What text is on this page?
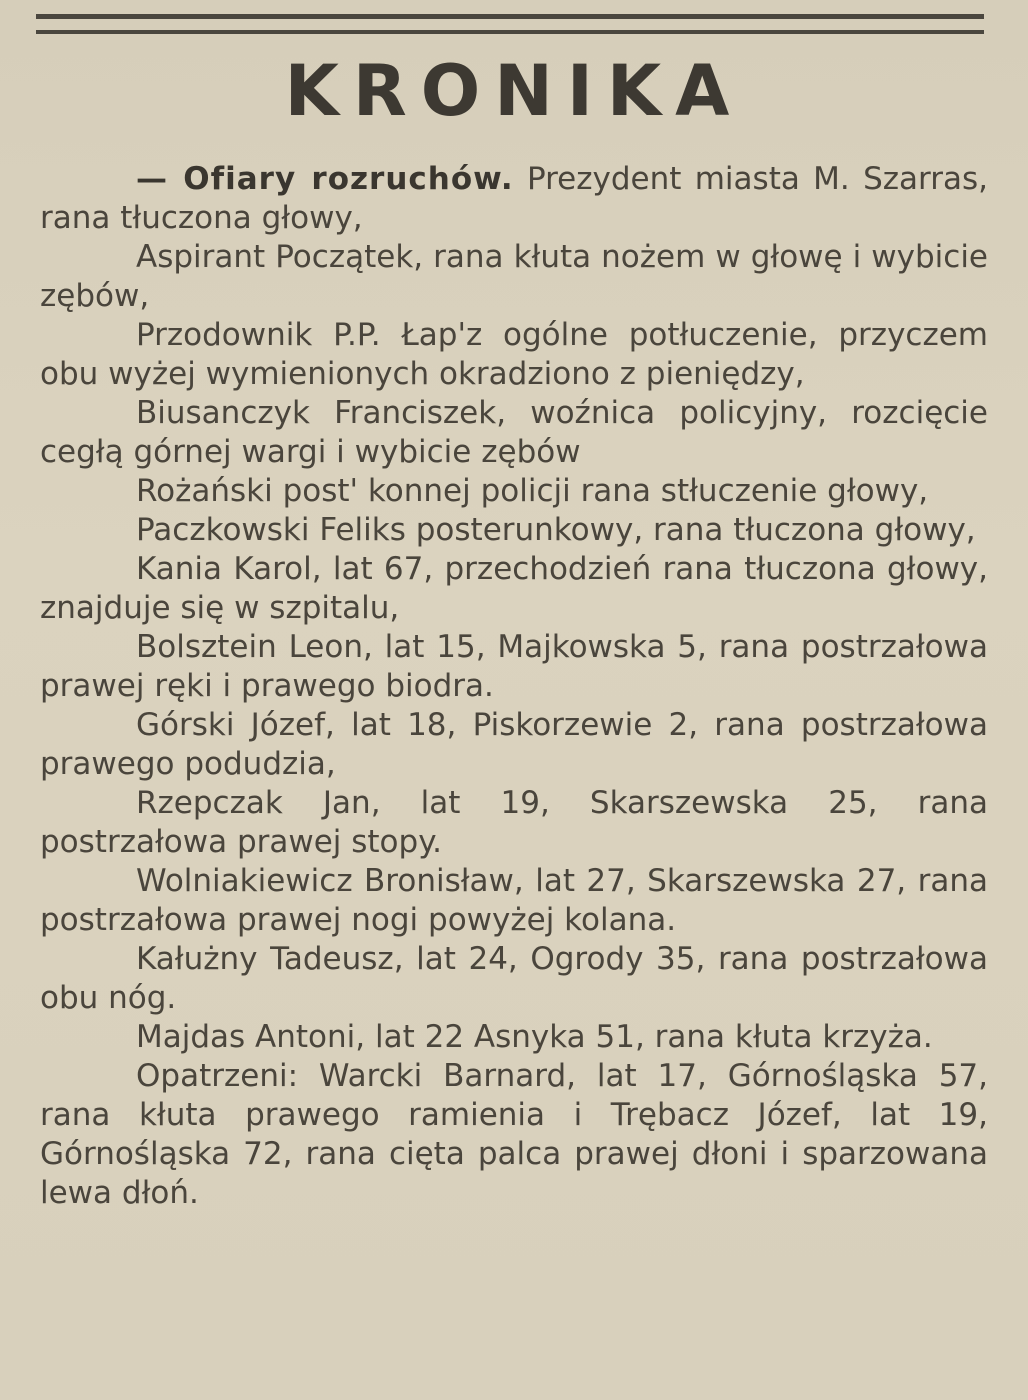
KRONIKA

— Ofiary rozruchów. Prezydent miasta M. Szarras, rana tłuczona głowy,

Aspirant Początek, rana kłuta nożem w głowę i wybicie zębów,

Przodownik P.P. Łap'z ogólne potłuczenie, przyczem obu wyżej wymienionych okradziono z pieniędzy,

Biusanczyk Franciszek, woźnica policyjny, rozcięcie cegłą górnej wargi i wybicie zębów

Rożański post' konnej policji rana stłuczenie głowy,

Paczkowski Feliks posterunkowy, rana tłuczona głowy,

Kania Karol, lat 67, przechodzień rana tłuczona głowy, znajduje się w szpitalu,

Bolsztein Leon, lat 15, Majkowska 5, rana postrzałowa prawej ręki i prawego biodra.

Górski Józef, lat 18, Piskorzewie 2, rana postrzałowa prawego podudzia,

Rzepczak Jan, lat 19, Skarszewska 25, rana postrzałowa prawej stopy.

Wolniakiewicz Bronisław, lat 27, Skarszewska 27, rana postrzałowa prawej nogi powyżej kolana.

Kałużny Tadeusz, lat 24, Ogrody 35, rana postrzałowa obu nóg.

Majdas Antoni, lat 22 Asnyka 51, rana kłuta krzyża.

Opatrzeni: Warcki Barnard, lat 17, Górnośląska 57, rana kłuta prawego ramienia i Trębacz Józef, lat 19, Górnośląska 72, rana cięta palca prawej dłoni i sparzowana lewa dłoń.
